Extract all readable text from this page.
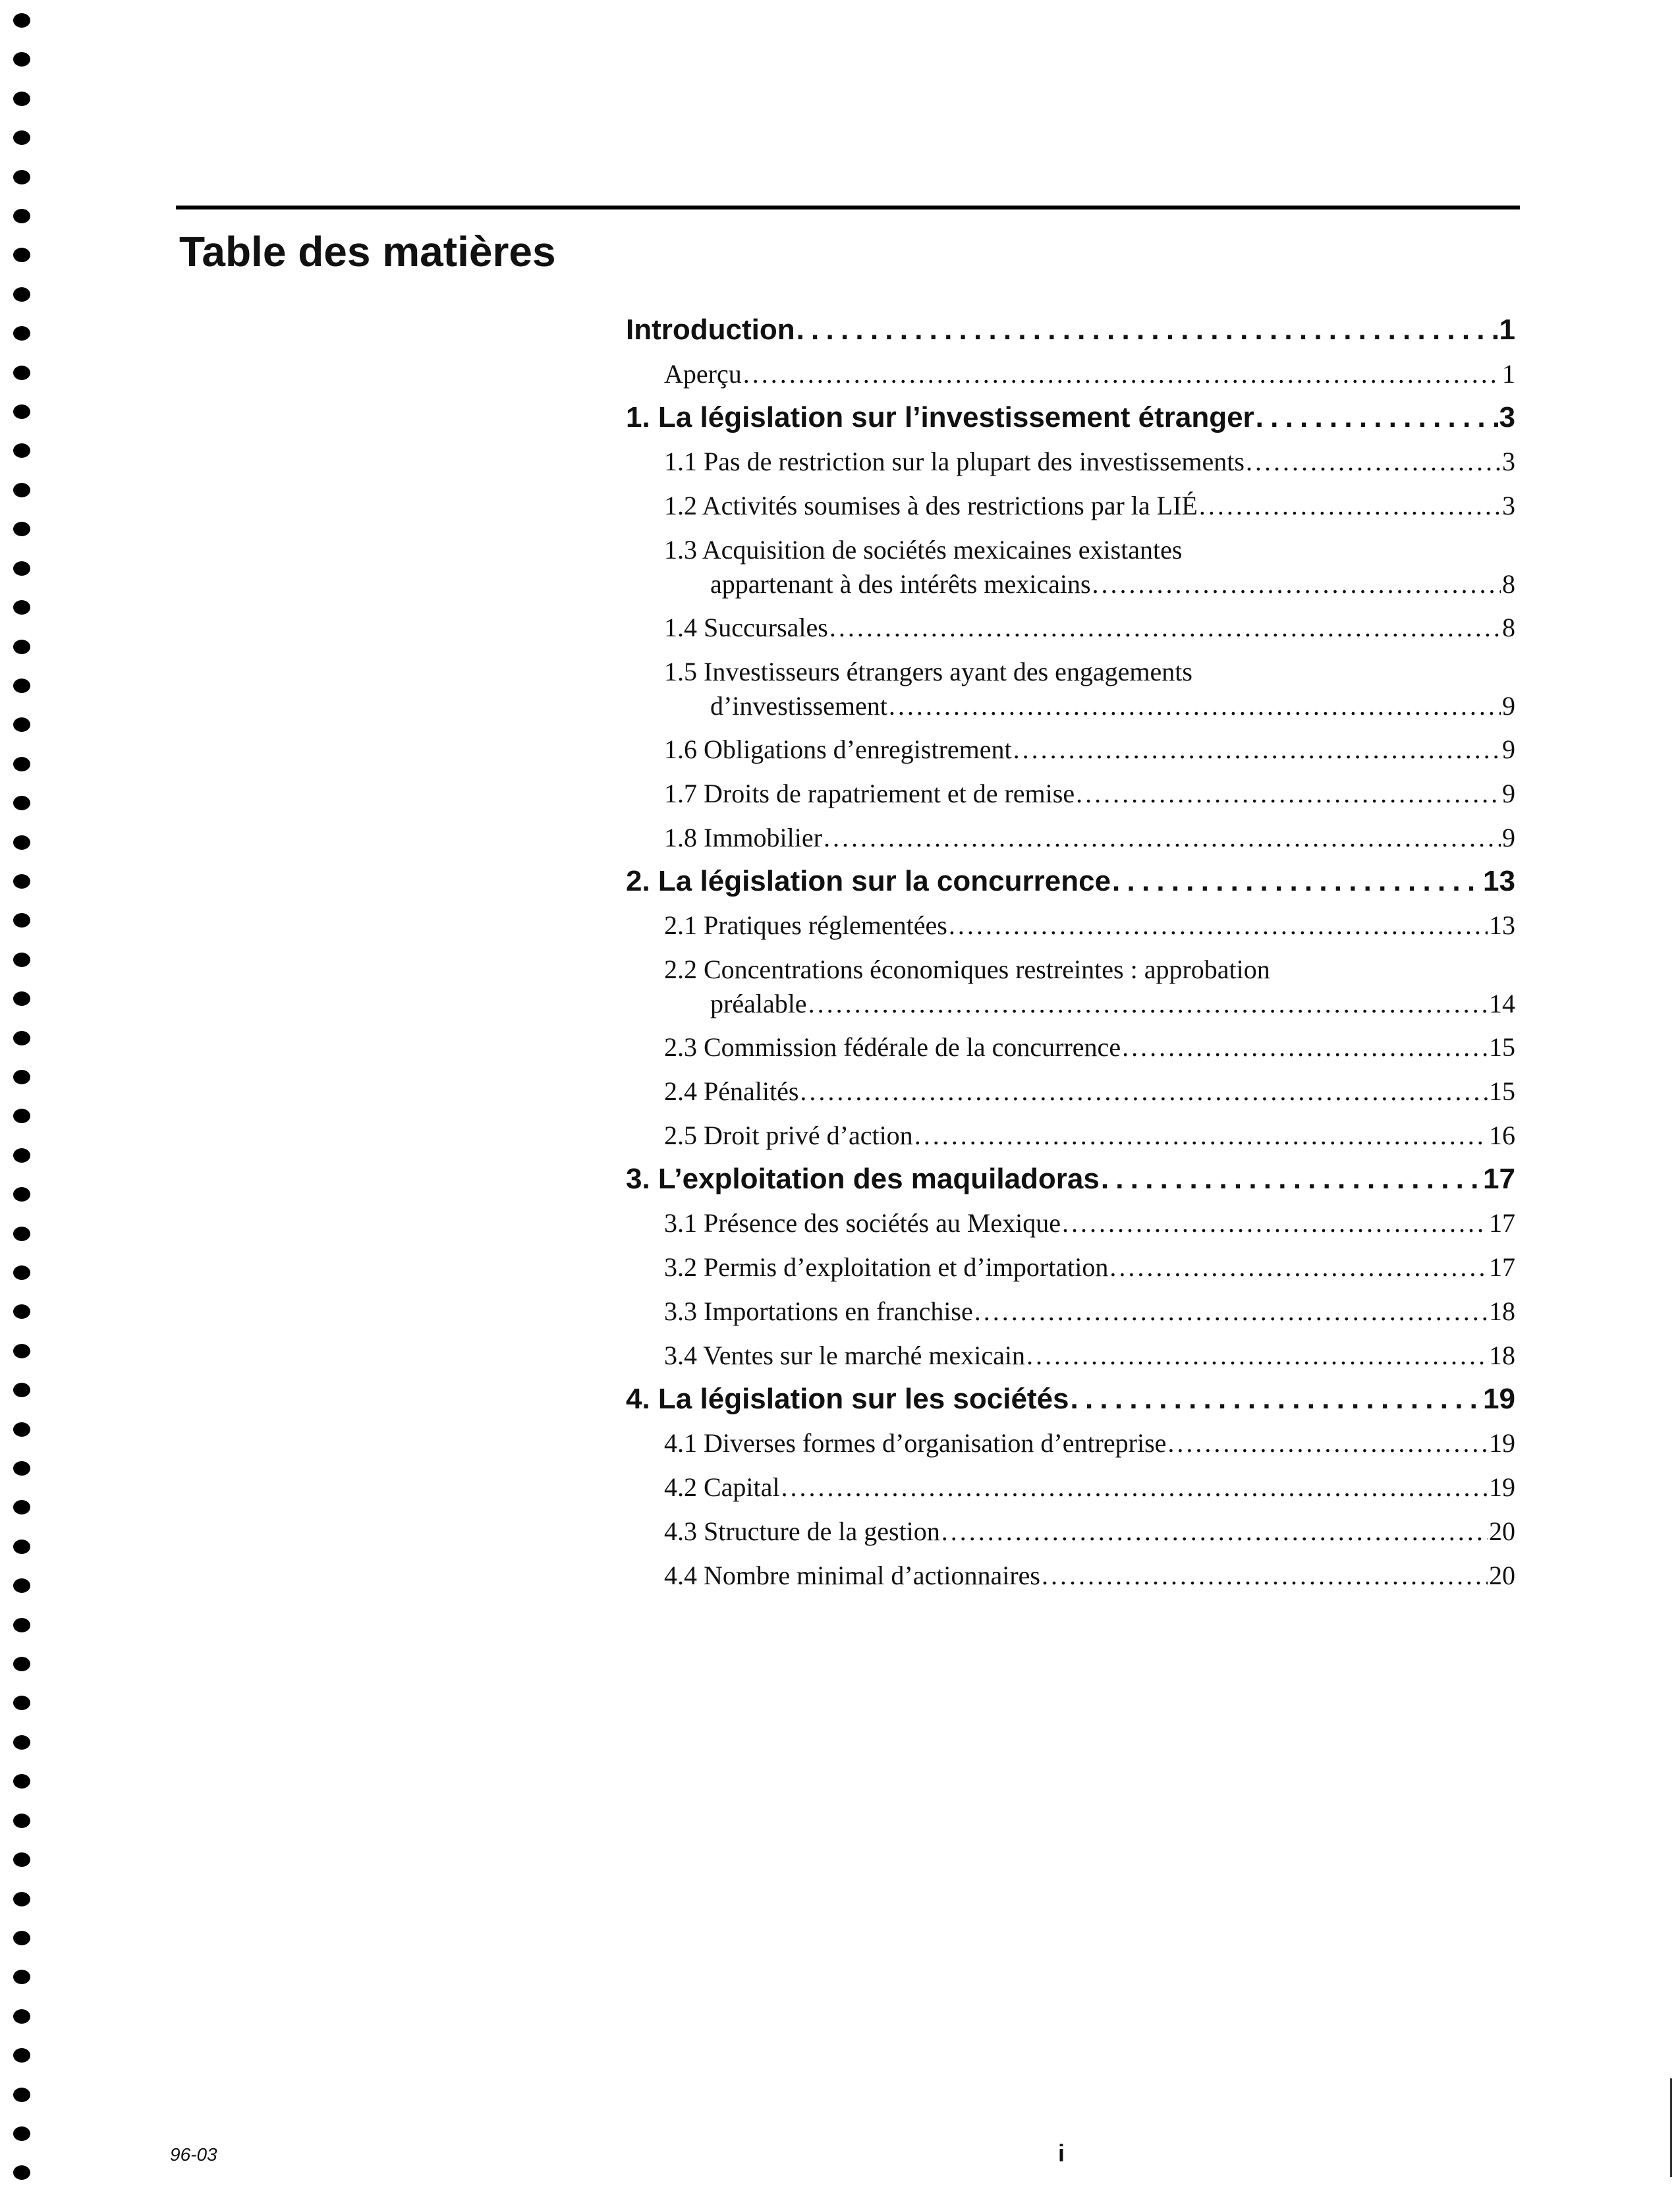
Table des matières
Introduction . . .	1
Aperçu . . .	1
1. La législation sur l’investissement étranger . . .	3
1.1 Pas de restriction sur la plupart des investissements . . .	3
1.2 Activités soumises à des restrictions par la LIÉ . . .	3
1.3 Acquisition de sociétés mexicaines existantes
appartenant à des intérêts mexicains . . .	8
1.4 Succursales . . .	8
1.5 Investisseurs étrangers ayant des engagements
d’investissement . . .	9
1.6 Obligations d’enregistrement . . .	9
1.7 Droits de rapatriement et de remise . . .	9
1.8 Immobilier . . .	9
2. La législation sur la concurrence . . .	13
2.1 Pratiques réglementées . . .	13
2.2 Concentrations économiques restreintes : approbation
préalable . . .	14
2.3 Commission fédérale de la concurrence . . .	15
2.4 Pénalités . . .	15
2.5 Droit privé d’action . . .	16
3. L’exploitation des maquiladoras . . .	17
3.1 Présence des sociétés au Mexique . . .	17
3.2 Permis d’exploitation et d’importation . . .	17
3.3 Importations en franchise . . .	18
3.4 Ventes sur le marché mexicain . . .	18
4. La législation sur les sociétés . . .	19
4.1 Diverses formes d’organisation d’entreprise . . .	19
4.2 Capital . . .	19
4.3 Structure de la gestion . . .	20
4.4 Nombre minimal d’actionnaires . . .	20
96-03	i
